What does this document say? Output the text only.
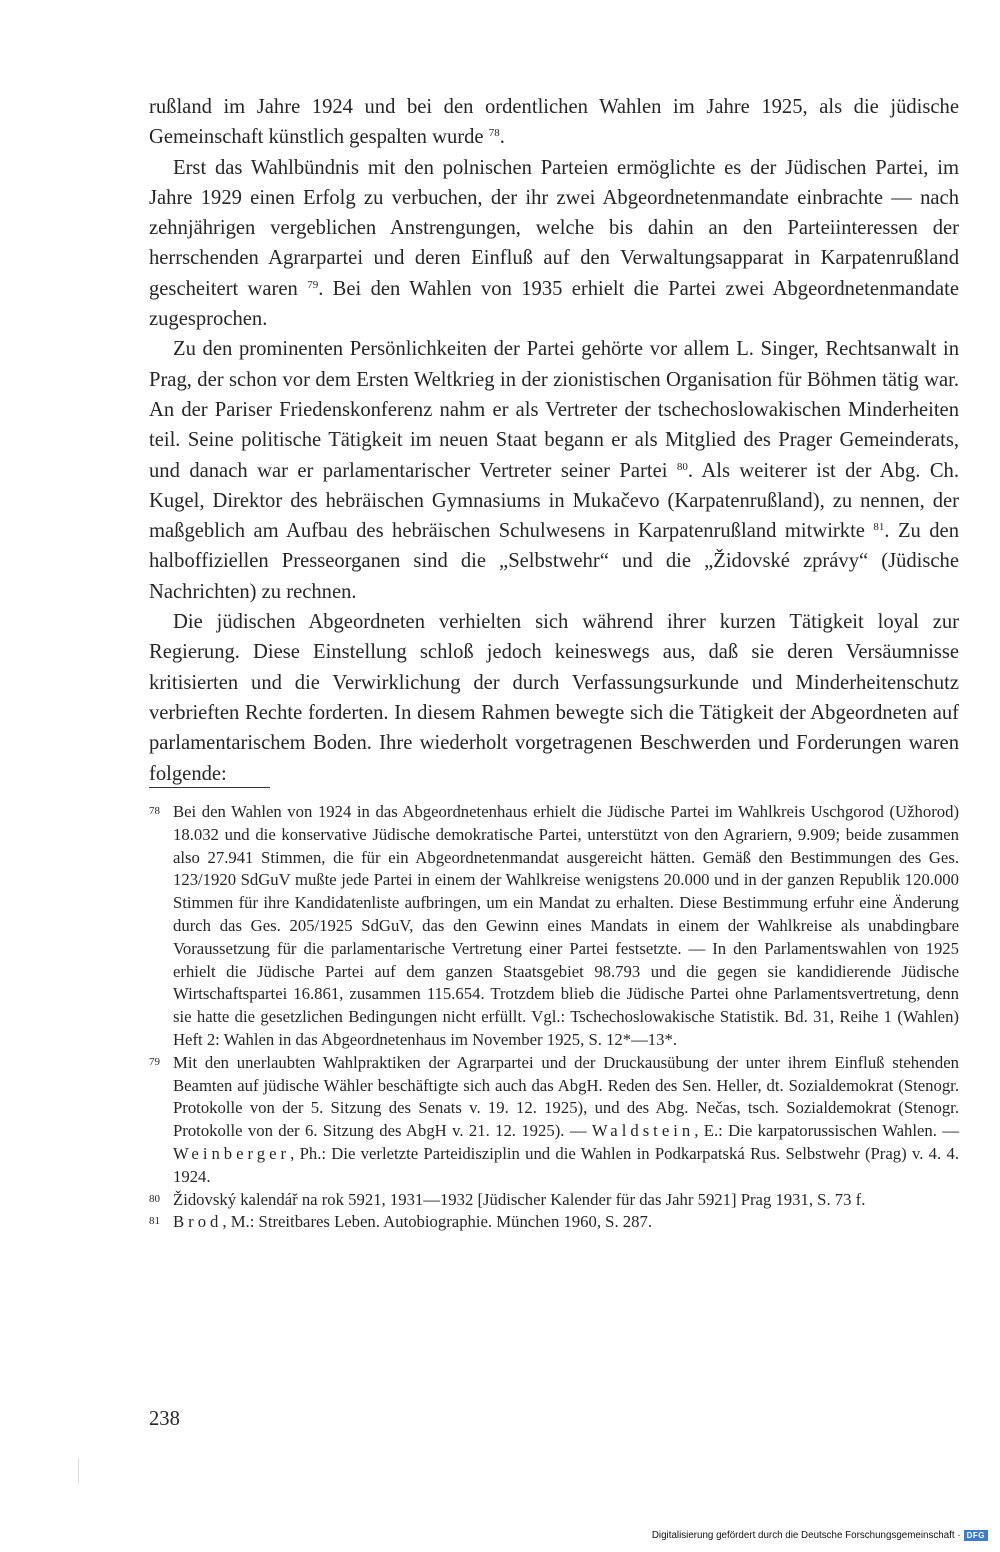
rußland im Jahre 1924 und bei den ordentlichen Wahlen im Jahre 1925, als die jüdische Gemeinschaft künstlich gespalten wurde $^{78}$.

Erst das Wahlbündnis mit den polnischen Parteien ermöglichte es der Jüdischen Partei, im Jahre 1929 einen Erfolg zu verbuchen, der ihr zwei Abgeordnetenmandate einbrachte — nach zehnjährigen vergeblichen Anstrengungen, welche bis dahin an den Parteiinteressen der herrschenden Agrarpartei und deren Einfluß auf den Verwaltungsapparat in Karpatenrußland gescheitert waren $^{79}$. Bei den Wahlen von 1935 erhielt die Partei zwei Abgeordnetenmandate zugesprochen.

Zu den prominenten Persönlichkeiten der Partei gehörte vor allem L. Singer, Rechtsanwalt in Prag, der schon vor dem Ersten Weltkrieg in der zionistischen Organisation für Böhmen tätig war. An der Pariser Friedenskonferenz nahm er als Vertreter der tschechoslowakischen Minderheiten teil. Seine politische Tätigkeit im neuen Staat begann er als Mitglied des Prager Gemeinderats, und danach war er parlamentarischer Vertreter seiner Partei $^{80}$. Als weiterer ist der Abg. Ch. Kugel, Direktor des hebräischen Gymnasiums in Mukačevo (Karpatenrußland), zu nennen, der maßgeblich am Aufbau des hebräischen Schulwesens in Karpatenrußland mitwirkte $^{81}$. Zu den halboffiziellen Presseorganen sind die „Selbstwehr“ und die „Židovské zprávy“ (Jüdische Nachrichten) zu rechnen.

Die jüdischen Abgeordneten verhielten sich während ihrer kurzen Tätigkeit loyal zur Regierung. Diese Einstellung schloß jedoch keineswegs aus, daß sie deren Versäumnisse kritisierten und die Verwirklichung der durch Verfassungsurkunde und Minderheitenschutz verbrieften Rechte forderten. In diesem Rahmen bewegte sich die Tätigkeit der Abgeordneten auf parlamentarischem Boden. Ihre wiederholt vorgetragenen Beschwerden und Forderungen waren folgende:

78 Bei den Wahlen von 1924 in das Abgeordnetenhaus erhielt die Jüdische Partei im Wahlkreis Uschgorod (Užhorod) 18.032 und die konservative Jüdische demokratische Partei, unterstützt von den Agrariern, 9.909; beide zusammen also 27.941 Stimmen, die für ein Abgeordnetenmandat ausgereicht hätten. Gemäß den Bestimmungen des Ges. 123/1920 SdGuV mußte jede Partei in einem der Wahlkreise wenigstens 20.000 und in der ganzen Republik 120.000 Stimmen für ihre Kandidatenliste aufbringen, um ein Mandat zu erhalten. Diese Bestimmung erfuhr eine Änderung durch das Ges. 205/1925 SdGuV, das den Gewinn eines Mandats in einem der Wahlkreise als unabdingbare Voraussetzung für die parlamentarische Vertretung einer Partei festsetzte. — In den Parlamentswahlen von 1925 erhielt die Jüdische Partei auf dem ganzen Staatsgebiet 98.793 und die gegen sie kandidierende Jüdische Wirtschaftspartei 16.861, zusammen 115.654. Trotzdem blieb die Jüdische Partei ohne Parlamentsvertretung, denn sie hatte die gesetzlichen Bedingungen nicht erfüllt. Vgl.: Tschechoslowakische Statistik. Bd. 31, Reihe 1 (Wahlen) Heft 2: Wahlen in das Abgeordnetenhaus im November 1925, S. 12*—13*.
79 Mit den unerlaubten Wahlpraktiken der Agrarpartei und der Druckausübung der unter ihrem Einfluß stehenden Beamten auf jüdische Wähler beschäftigte sich auch das AbgH. Reden des Sen. Heller, dt. Sozialdemokrat (Stenogr. Protokolle von der 5. Sitzung des Senats v. 19. 12. 1925), und des Abg. Nečas, tsch. Sozialdemokrat (Stenogr. Protokolle von der 6. Sitzung des AbgH v. 21. 12. 1925). — Waldstein, E.: Die karpatorussischen Wahlen. — Weinberger, Ph.: Die verletzte Parteidisziplin und die Wahlen in Podkarpatská Rus. Selbstwehr (Prag) v. 4. 4. 1924.
80 Židovský kalendář na rok 5921, 1931—1932 [Jüdischer Kalender für das Jahr 5921] Prag 1931, S. 73 f.
81 Brod, M.: Streitbares Leben. Autobiographie. München 1960, S. 287.
238
Digitalisierung gefördert durch die Deutsche Forschungsgemeinschaft · DFG
